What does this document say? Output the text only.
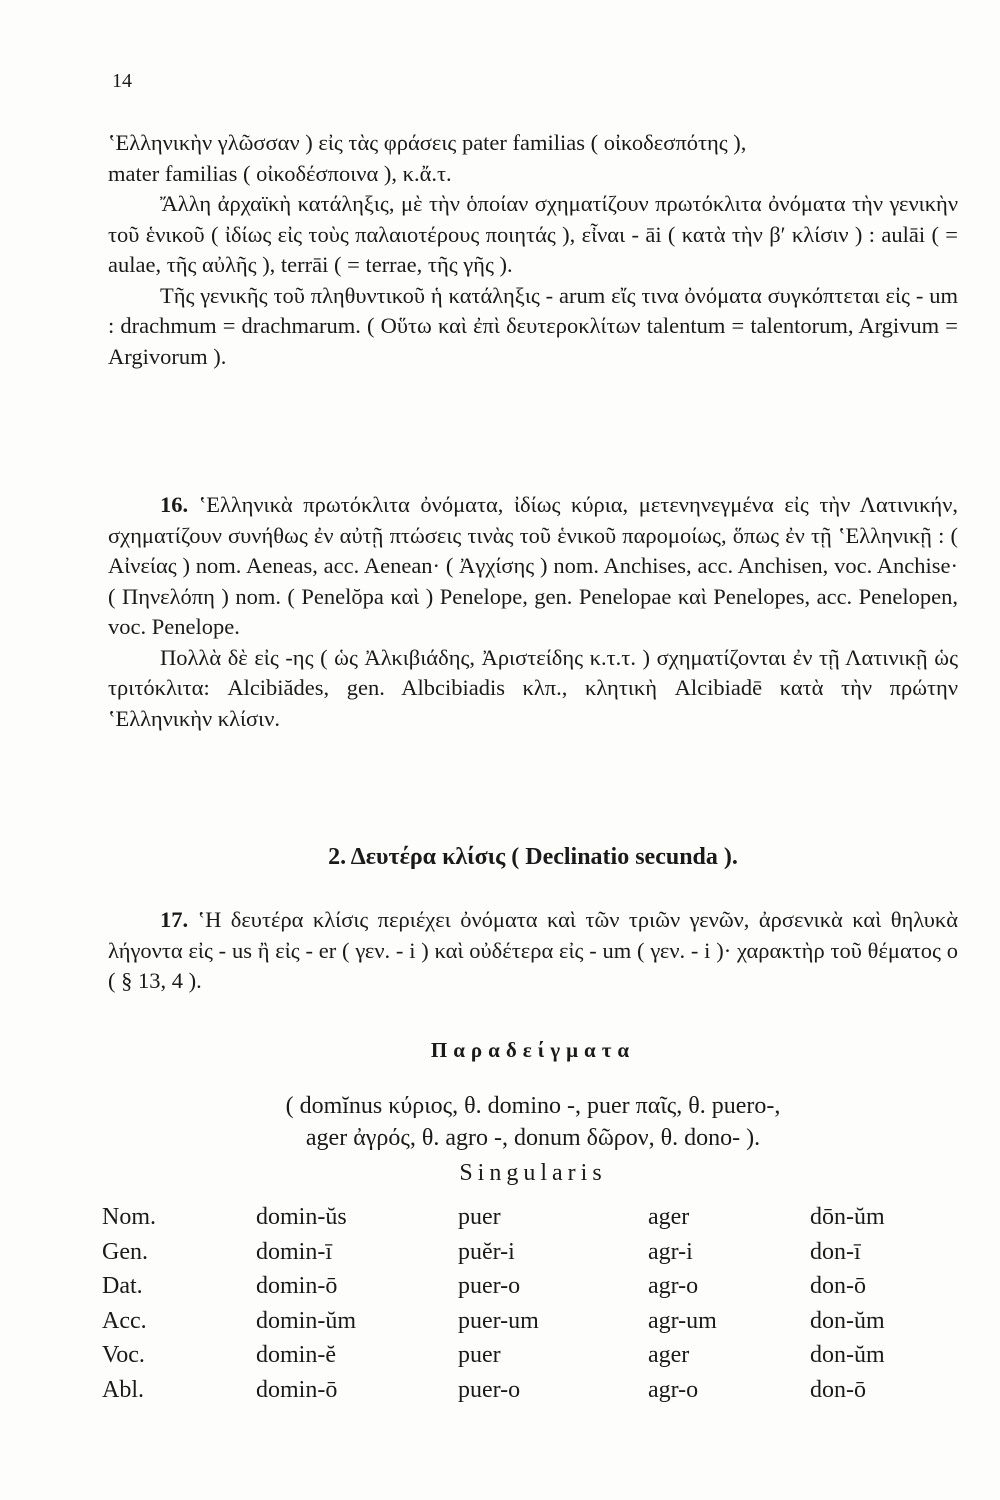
14

ʽΕλληνικὴν γλῶσσαν ) εἰς τὰς φράσεις pater familias ( οἰκοδεσπότης ),

mater familias ( οἰκοδέσποινα ), κ.ἄ.τ.

Ἄλλη ἀρχαϊκὴ κατάληξις, μὲ τὴν ὁποίαν σχηματίζουν πρωτόκλιτα ὀνόματα τὴν γενικὴν τοῦ ἑνικοῦ ( ἰδίως εἰς τοὺς παλαιοτέρους ποιητάς ), εἶναι - āi ( κατὰ τὴν β′ κλίσιν ) : aulāi ( = aulae, τῆς αὐλῆς ), terrāi ( = terrae, τῆς γῆς ).

Τῆς γενικῆς τοῦ πληθυντικοῦ ἡ κατάληξις - arum εἴς τινα ὀνόματα συγκόπτεται εἰς - um : drachmum = drachmarum. ( Οὕτω καὶ ἐπὶ δευτεροκλίτων talentum = talentorum, Argivum = Argivorum ).

16. ʽΕλληνικὰ πρωτόκλιτα ὀνόματα, ἰδίως κύρια, μετενηνεγμένα εἰς τὴν Λατινικήν, σχηματίζουν συνήθως ἐν αὐτῇ πτώσεις τινὰς τοῦ ἑνικοῦ παρομοίως, ὅπως ἐν τῇ ʽΕλληνικῇ : ( Αἰνείας ) nom. Aeneas, acc. Aenean· ( Ἀγχίσης ) nom. Anchises, acc. Anchisen, voc. Anchise· ( Πηνελόπη ) nom. ( Penelŏpa καὶ ) Penelope, gen. Penelopae καὶ Penelopes, acc. Penelopen, voc. Penelope.

Πολλὰ δὲ εἰς -ης ( ὡς Ἀλκιβιάδης, Ἀριστείδης κ.τ.τ. ) σχηματίζονται ἐν τῇ Λατινικῇ ὡς τριτόκλιτα: Alcibiădes, gen. Albcibiadis κλπ., κλητικὴ Alcibiadē κατὰ τὴν πρώτην ʽΕλληνικὴν κλίσιν.

2. Δευτέρα κλίσις ( Declinatio secunda ).

17. ʽΗ δευτέρα κλίσις περιέχει ὀνόματα καὶ τῶν τριῶν γενῶν, ἀρσενικὰ καὶ θηλυκὰ λήγοντα εἰς - us ἢ εἰς - er ( γεν. - i ) καὶ οὐδέτερα εἰς - um ( γεν. - i )· χαρακτὴρ τοῦ θέματος o ( § 13, 4 ).

Παραδείγματα
( domĭnus κύριος, θ. domino -, puer παῖς, θ. puero-,
ager ἀγρός, θ. agro -, donum δῶρον, θ. dono- ).
Singularis
Nom.	domin-ŭs	puer	ager	dōn-ŭm
Gen.	domin-ī	puĕr-i	agr-i	don-ī
Dat.	domin-ō	puer-o	agr-o	don-ō
Acc.	domin-ŭm	puer-um	agr-um	don-ŭm
Voc.	domin-ĕ	puer	ager	don-ŭm
Abl.	domin-ō	puer-o	agr-o	don-ō
